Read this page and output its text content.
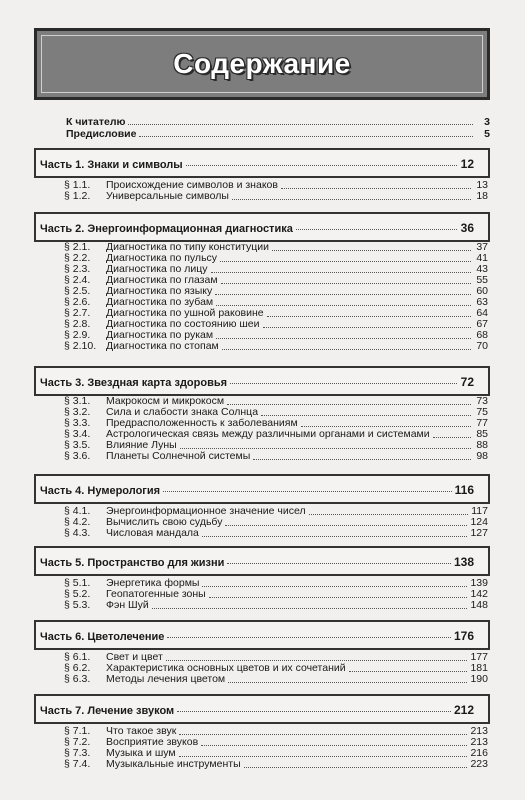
Содержание
К читателю	3
Предисловие	5
Часть 1. Знаки и символы	12
§ 1.1. Происхождение символов и знаков	13
§ 1.2. Универсальные символы	18
Часть 2. Энергоинформационная диагностика	36
§ 2.1. Диагностика по типу конституции	37
§ 2.2. Диагностика по пульсу	41
§ 2.3. Диагностика по лицу	43
§ 2.4. Диагностика по глазам	55
§ 2.5. Диагностика по языку	60
§ 2.6. Диагностика по зубам	63
§ 2.7. Диагностика по ушной раковине	64
§ 2.8. Диагностика по состоянию шеи	67
§ 2.9. Диагностика по рукам	68
§ 2.10. Диагностика по стопам	70
Часть 3. Звездная карта здоровья	72
§ 3.1. Макрокосм и микрокосм	73
§ 3.2. Сила и слабости знака Солнца	75
§ 3.3. Предрасположенность к заболеваниям	77
§ 3.4. Астрологическая связь между различными органами и системами	85
§ 3.5. Влияние Луны	88
§ 3.6. Планеты Солнечной системы	98
Часть 4. Нумерология	116
§ 4.1. Энергоинформационное значение чисел	117
§ 4.2. Вычислить свою судьбу	124
§ 4.3. Числовая мандала	127
Часть 5. Пространство для жизни	138
§ 5.1. Энергетика формы	139
§ 5.2. Геопатогенные зоны	142
§ 5.3. Фэн Шуй	148
Часть 6. Цветолечение	176
§ 6.1. Свет и цвет	177
§ 6.2. Характеристика основных цветов и их сочетаний	181
§ 6.3. Методы лечения цветом	190
Часть 7. Лечение звуком	212
§ 7.1. Что такое звук	213
§ 7.2. Восприятие звуков	213
§ 7.3. Музыка и шум	216
§ 7.4. Музыкальные инструменты	223
